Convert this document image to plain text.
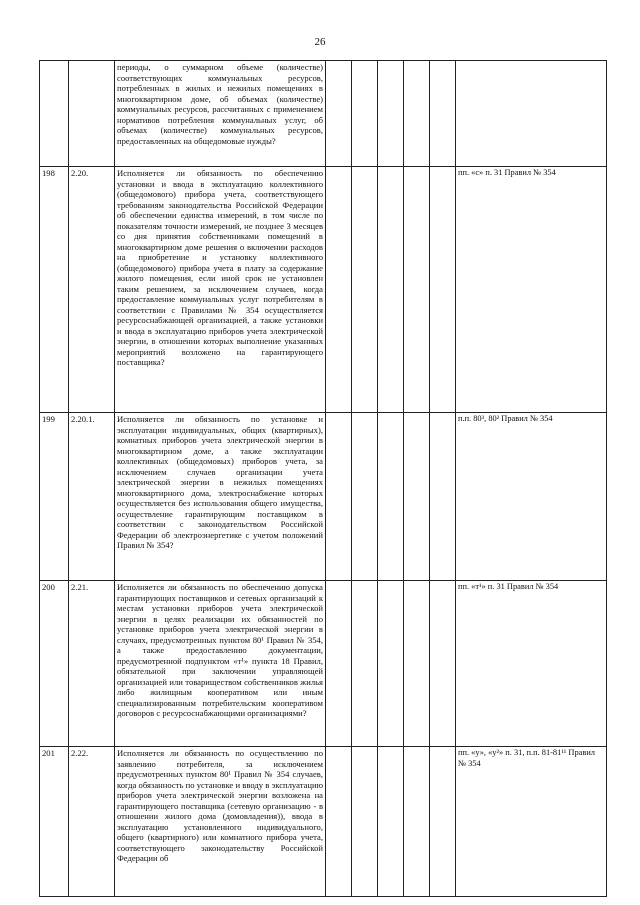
26
		периоды, о суммарном объеме (количестве) соответствующих коммунальных ресурсов, потребленных в жилых и нежилых помещениях в многоквартирном доме, об объемах (количестве) коммунальных ресурсов, рассчитанных с применением нормативов потребления коммунальных услуг, об объемах (количестве) коммунальных ресурсов, предоставленных на общедомовые нужды?						
198	2.20.	Исполняется ли обязанность по обеспечению установки и ввода в эксплуатацию коллективного (общедомового) прибора учета, соответствующего требованиям законодательства Российской Федерации об обеспечении единства измерений, в том числе по показателям точности измерений, не позднее 3 месяцев со дня принятия собственниками помещений в многоквартирном доме решения о включении расходов на приобретение и установку коллективного (общедомового) прибора учета в плату за содержание жилого помещения, если иной срок не установлен таким решением, за исключением случаев, когда предоставление коммунальных услуг потребителям в соответствии с Правилами № 354 осуществляется ресурсоснабжающей организацией, а также установки и ввода в эксплуатацию приборов учета электрической энергии, в отношении которых выполнение указанных мероприятий возложено на гарантирующего поставщика?						пп. «с» п. 31 Правил № 354
199	2.20.1.	Исполняется ли обязанность по установке и эксплуатации индивидуальных, общих (квартирных), комнатных приборов учета электрической энергии в многоквартирном доме, а также эксплуатации коллективных (общедомовых) приборов учета, за исключением случаев организации учета электрической энергии в нежилых помещениях многоквартирного дома, электроснабжение которых осуществляется без использования общего имущества, осуществление гарантирующим поставщиком в соответствии с законодательством Российской Федерации об электроэнергетике с учетом положений Правил № 354?						п.п. 80³, 80² Правил № 354
200	2.21.	Исполняется ли обязанность по обеспечению допуска гарантирующих поставщиков и сетевых организаций к местам установки приборов учета электрической энергии в целях реализации их обязанностей по установке приборов учета электрической энергии в случаях, предусмотренных пунктом 80¹ Правил № 354, а также предоставлению документации, предусмотренной подпунктом «т¹» пункта 18 Правил, обязательной при заключении управляющей организацией или товариществом собственников жилья либо жилищным кооперативом или иным специализированным потребительским кооперативом договоров с ресурсоснабжающими организациями?						пп. «т¹» п. 31 Правил № 354
201	2.22.	Исполняется ли обязанность по осуществлению по заявлению потребителя, за исключением предусмотренных пунктом 80¹ Правил № 354 случаев, когда обязанность по установке и вводу в эксплуатацию приборов учета электрической энергии возложена на гарантирующего поставщика (сетевую организацию - в отношении жилого дома (домовладения)), ввода в эксплуатацию установленного индивидуального, общего (квартирного) или комнатного прибора учета, соответствующего законодательству Российской Федерации об						пп. «у», «у²» п. 31, п.п. 81-81¹¹ Правил № 354
